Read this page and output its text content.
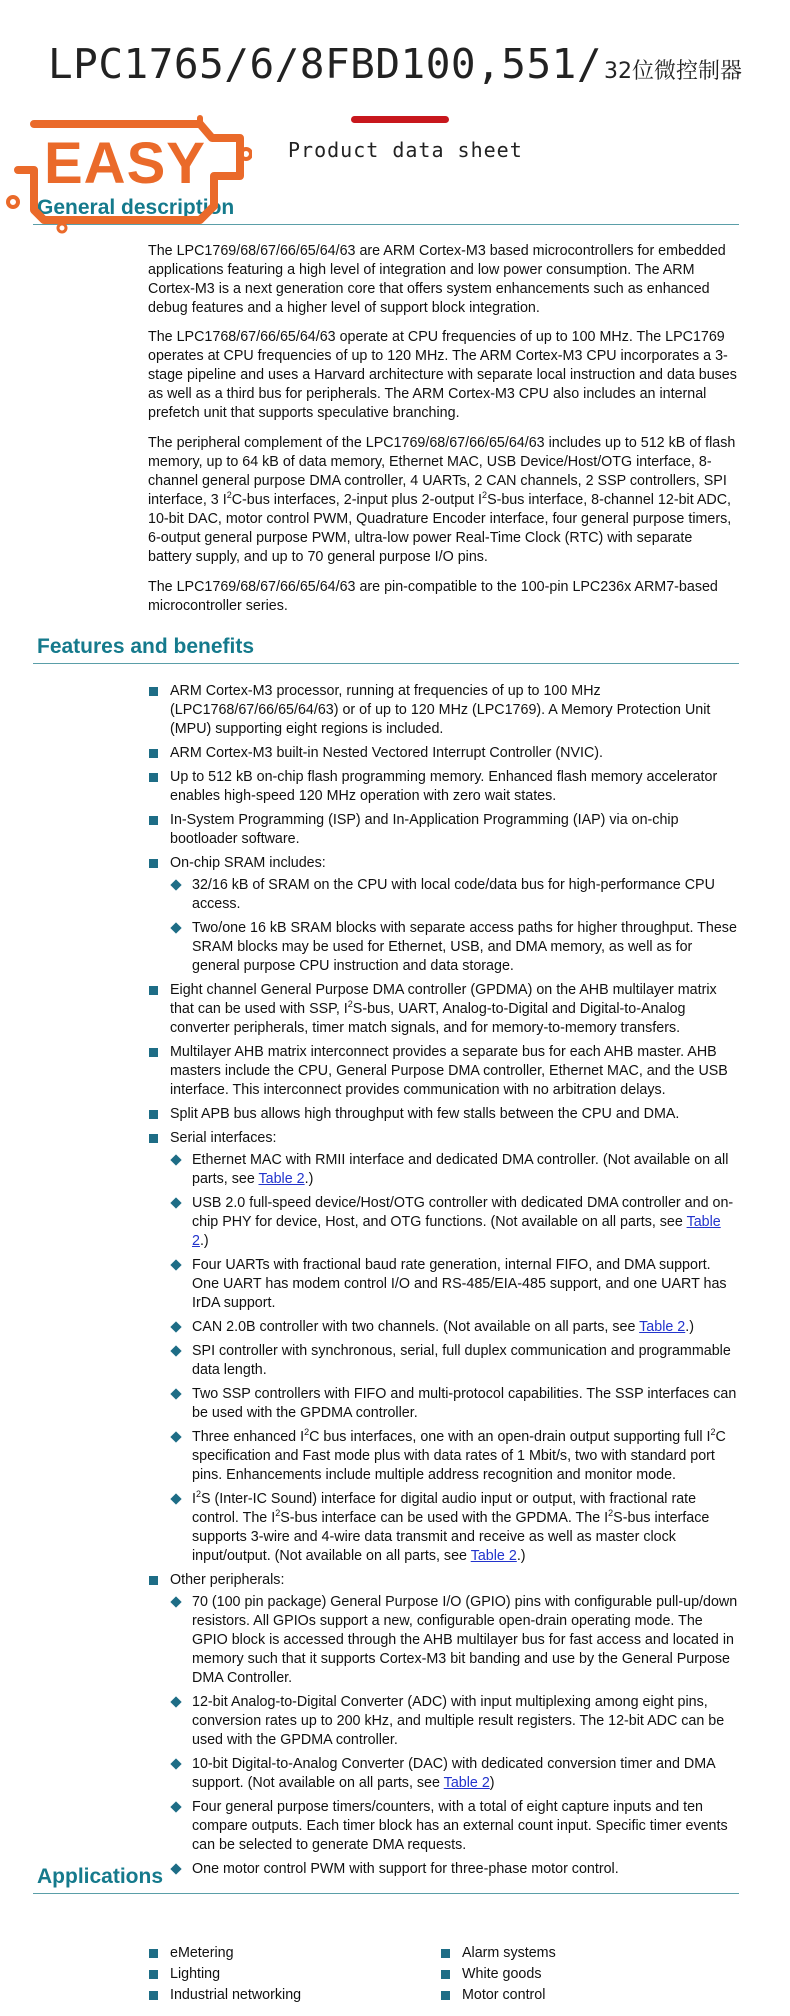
LPC1765/6/8FBD100,551/32位微控制器
Product data sheet
General description
EASY

The LPC1769/68/67/66/65/64/63 are ARM Cortex-M3 based microcontrollers for embedded applications featuring a high level of integration and low power consumption. The ARM Cortex-M3 is a next generation core that offers system enhancements such as enhanced debug features and a higher level of support block integration.

The LPC1768/67/66/65/64/63 operate at CPU frequencies of up to 100 MHz. The LPC1769 operates at CPU frequencies of up to 120 MHz. The ARM Cortex-M3 CPU incorporates a 3-stage pipeline and uses a Harvard architecture with separate local instruction and data buses as well as a third bus for peripherals. The ARM Cortex-M3 CPU also includes an internal prefetch unit that supports speculative branching.

The peripheral complement of the LPC1769/68/67/66/65/64/63 includes up to 512 kB of flash memory, up to 64 kB of data memory, Ethernet MAC, USB Device/Host/OTG interface, 8-channel general purpose DMA controller, 4 UARTs, 2 CAN channels, 2 SSP controllers, SPI interface, 3 $I^2C$-bus interfaces, 2-input plus 2-output $I^2S$-bus interface, 8-channel 12-bit ADC, 10-bit DAC, motor control PWM, Quadrature Encoder interface, four general purpose timers, 6-output general purpose PWM, ultra-low power Real-Time Clock (RTC) with separate battery supply, and up to 70 general purpose I/O pins.

The LPC1769/68/67/66/65/64/63 are pin-compatible to the 100-pin LPC236x ARM7-based microcontroller series.

Features and benefits
ARM Cortex-M3 processor, running at frequencies of up to 100 MHz (LPC1768/67/66/65/64/63) or of up to 120 MHz (LPC1769). A Memory Protection Unit (MPU) supporting eight regions is included.
ARM Cortex-M3 built-in Nested Vectored Interrupt Controller (NVIC).
Up to 512 kB on-chip flash programming memory. Enhanced flash memory accelerator enables high-speed 120 MHz operation with zero wait states.
In-System Programming (ISP) and In-Application Programming (IAP) via on-chip bootloader software.
On-chip SRAM includes:
32/16 kB of SRAM on the CPU with local code/data bus for high-performance CPU access.
Two/one 16 kB SRAM blocks with separate access paths for higher throughput. These SRAM blocks may be used for Ethernet, USB, and DMA memory, as well as for general purpose CPU instruction and data storage.
Eight channel General Purpose DMA controller (GPDMA) on the AHB multilayer matrix that can be used with SSP, $I^2S$-bus, UART, Analog-to-Digital and Digital-to-Analog converter peripherals, timer match signals, and for memory-to-memory transfers.
Multilayer AHB matrix interconnect provides a separate bus for each AHB master. AHB masters include the CPU, General Purpose DMA controller, Ethernet MAC, and the USB interface. This interconnect provides communication with no arbitration delays.
Split APB bus allows high throughput with few stalls between the CPU and DMA.
Serial interfaces:
Ethernet MAC with RMII interface and dedicated DMA controller. (Not available on all parts, see Table 2.)
USB 2.0 full-speed device/Host/OTG controller with dedicated DMA controller and on-chip PHY for device, Host, and OTG functions. (Not available on all parts, see Table 2.)
Four UARTs with fractional baud rate generation, internal FIFO, and DMA support. One UART has modem control I/O and RS-485/EIA-485 support, and one UART has IrDA support.
CAN 2.0B controller with two channels. (Not available on all parts, see Table 2.)
SPI controller with synchronous, serial, full duplex communication and programmable data length.
Two SSP controllers with FIFO and multi-protocol capabilities. The SSP interfaces can be used with the GPDMA controller.
Three enhanced $I^2C$ bus interfaces, one with an open-drain output supporting full $I^2C$ specification and Fast mode plus with data rates of 1 Mbit/s, two with standard port pins. Enhancements include multiple address recognition and monitor mode.
$I^2S$ (Inter-IC Sound) interface for digital audio input or output, with fractional rate control. The $I^2S$-bus interface can be used with the GPDMA. The $I^2S$-bus interface supports 3-wire and 4-wire data transmit and receive as well as master clock input/output. (Not available on all parts, see Table 2.)
Other peripherals:
70 (100 pin package) General Purpose I/O (GPIO) pins with configurable pull-up/down resistors. All GPIOs support a new, configurable open-drain operating mode. The GPIO block is accessed through the AHB multilayer bus for fast access and located in memory such that it supports Cortex-M3 bit banding and use by the General Purpose DMA Controller.
12-bit Analog-to-Digital Converter (ADC) with input multiplexing among eight pins, conversion rates up to 200 kHz, and multiple result registers. The 12-bit ADC can be used with the GPDMA controller.
10-bit Digital-to-Analog Converter (DAC) with dedicated conversion timer and DMA support. (Not available on all parts, see Table 2)
Four general purpose timers/counters, with a total of eight capture inputs and ten compare outputs. Each timer block has an external count input. Specific timer events can be selected to generate DMA requests.
One motor control PWM with support for three-phase motor control.
Applications
eMetering
Lighting
Industrial networking
Alarm systems
White goods
Motor control
